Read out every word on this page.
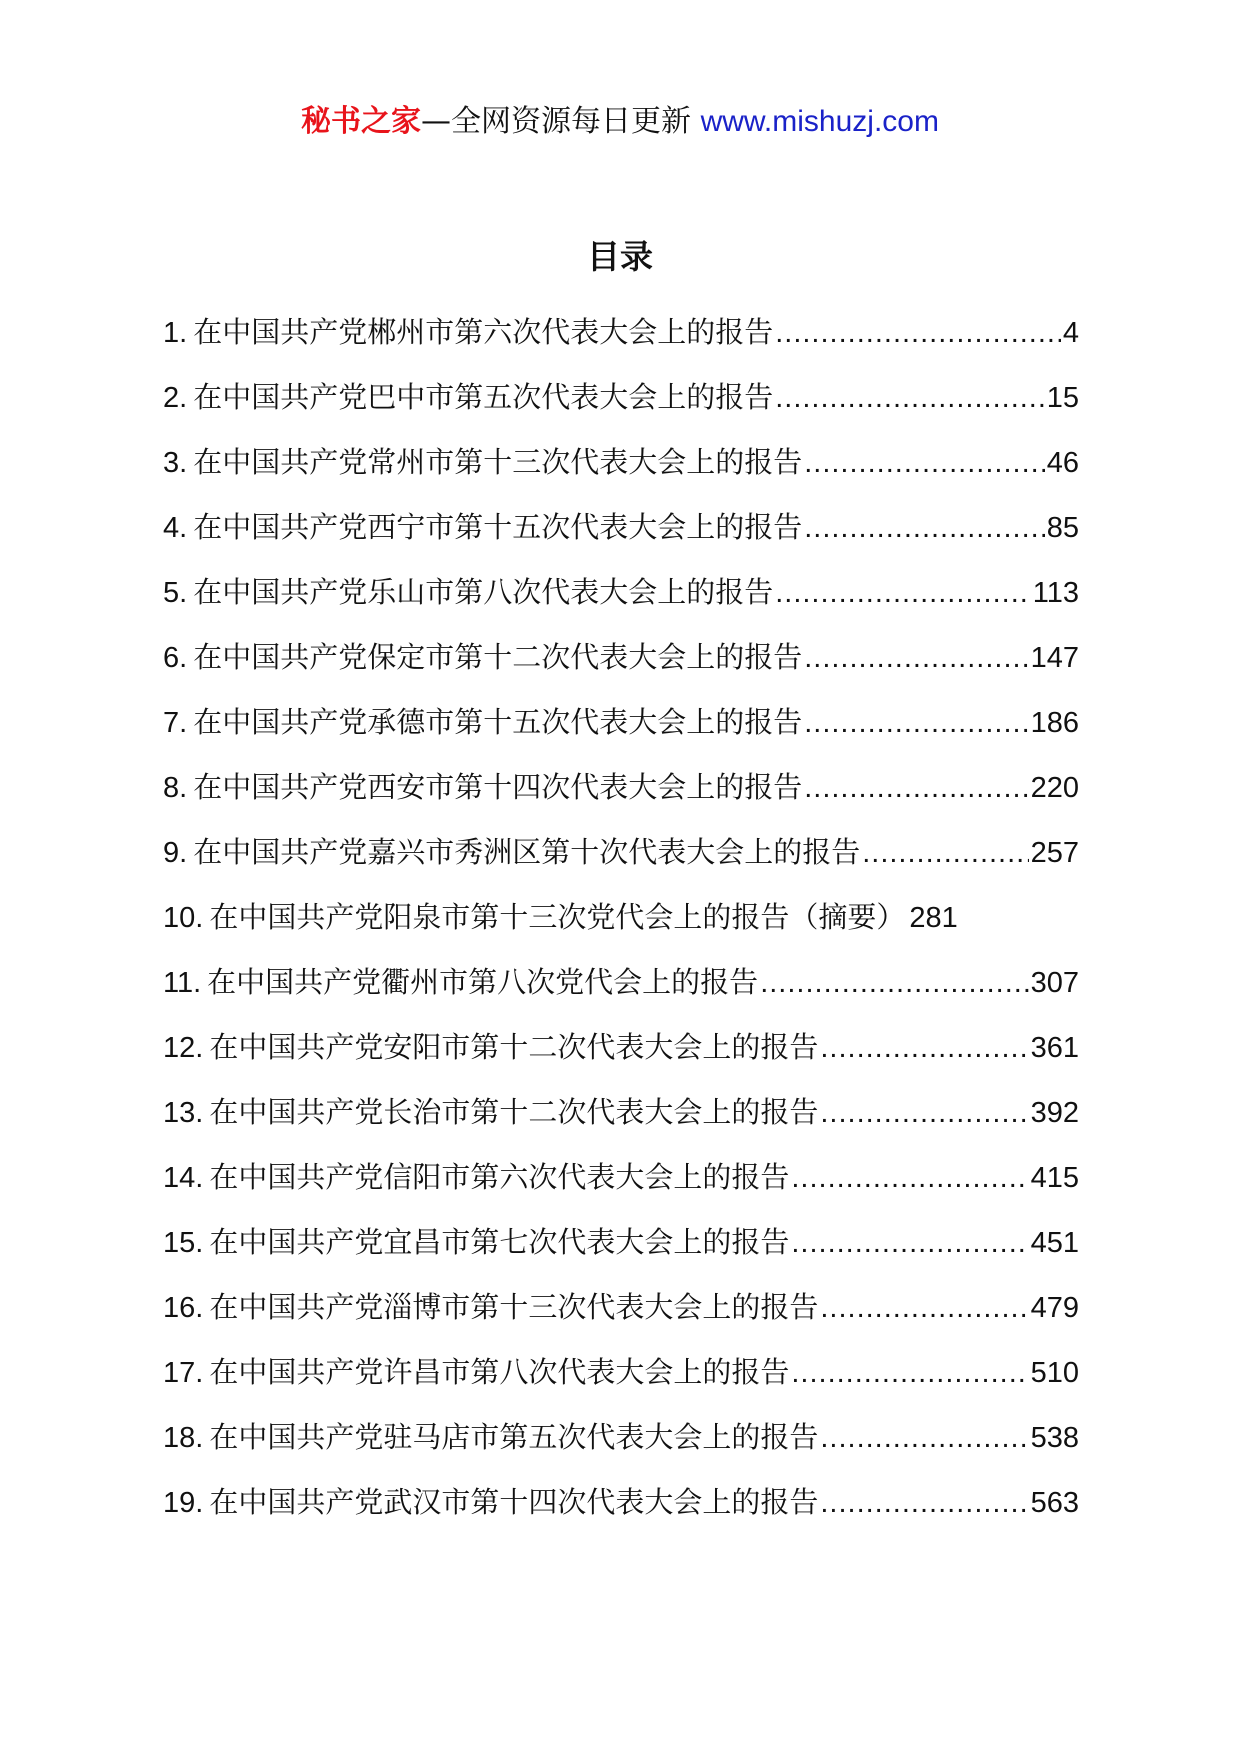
秘书之家—全网资源每日更新 www.mishuzj.com
目录
1. 在中国共产党郴州市第六次代表大会上的报告 .....	4
2. 在中国共产党巴中市第五次代表大会上的报告 .....	15
3. 在中国共产党常州市第十三次代表大会上的报告 .....	46
4. 在中国共产党西宁市第十五次代表大会上的报告 .....	85
5. 在中国共产党乐山市第八次代表大会上的报告 .....	113
6. 在中国共产党保定市第十二次代表大会上的报告 .....	147
7. 在中国共产党承德市第十五次代表大会上的报告 .....	186
8. 在中国共产党西安市第十四次代表大会上的报告 .....	220
9. 在中国共产党嘉兴市秀洲区第十次代表大会上的报告 .....	257
10. 在中国共产党阳泉市第十三次党代会上的报告（摘要） 281
11. 在中国共产党衢州市第八次党代会上的报告 .....	307
12. 在中国共产党安阳市第十二次代表大会上的报告 .....	361
13. 在中国共产党长治市第十二次代表大会上的报告 .....	392
14. 在中国共产党信阳市第六次代表大会上的报告 .....	415
15. 在中国共产党宜昌市第七次代表大会上的报告 .....	451
16. 在中国共产党淄博市第十三次代表大会上的报告 .....	479
17. 在中国共产党许昌市第八次代表大会上的报告 .....	510
18. 在中国共产党驻马店市第五次代表大会上的报告 .....	538
19. 在中国共产党武汉市第十四次代表大会上的报告 .....	563
